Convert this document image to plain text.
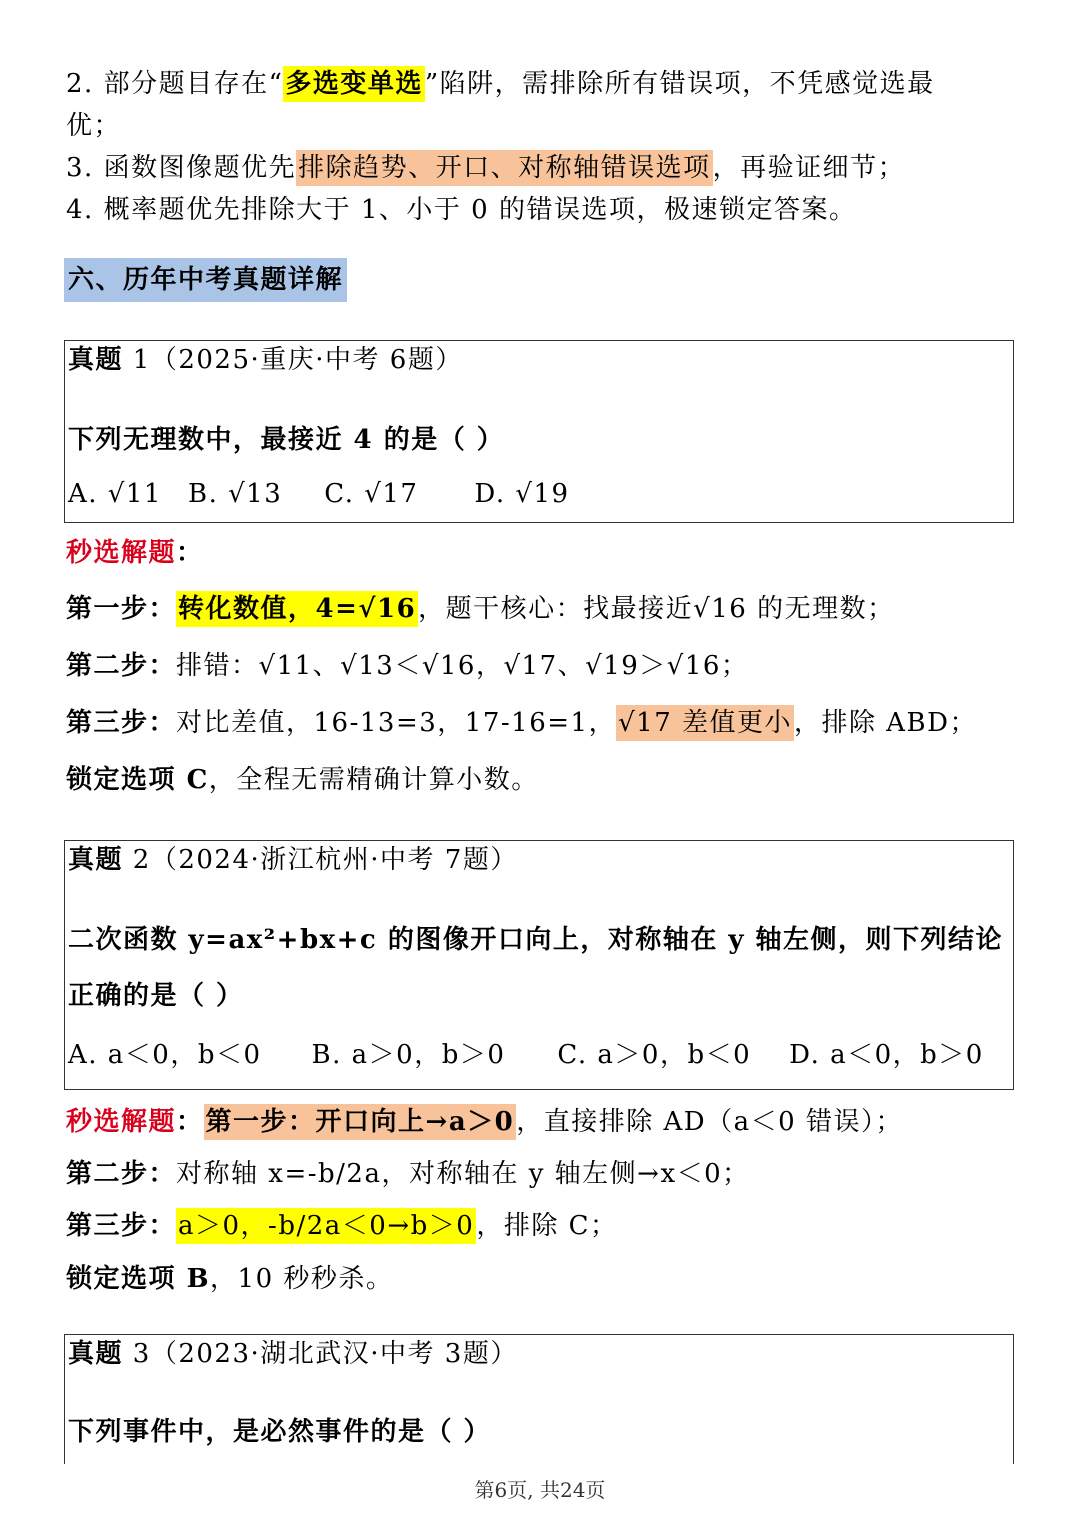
2. 部分题目存在“多选变单选”陷阱，需排除所有错误项，不凭感觉选最
优；
3. 函数图像题优先排除趋势、开口、对称轴错误选项，再验证细节；
4. 概率题优先排除大于 1、小于 0 的错误选项，极速锁定答案。
六、历年中考真题详解
真题 1（2025·重庆·中考 6题）
下列无理数中，最接近 4 的是（ ）
A. √11 B. √13 C. √17 D. √19
秒选解题：
第一步：转化数值，4=√16，题干核心：找最接近√16 的无理数；
第二步：排错：√11、√13＜√16，√17、√19＞√16；
第三步：对比差值，16-13=3，17-16=1，√17 差值更小，排除 ABD；
锁定选项 C，全程无需精确计算小数。
真题 2（2024·浙江杭州·中考 7题）
二次函数 y=ax²+bx+c 的图像开口向上，对称轴在 y 轴左侧，则下列结论
正确的是（ ）
A. a＜0，b＜0 B. a＞0，b＞0 C. a＞0，b＜0 D. a＜0，b＞0
秒选解题：第一步：开口向上→a＞0，直接排除 AD（a＜0 错误）；
第二步：对称轴 x=-b/2a，对称轴在 y 轴左侧→x＜0；
第三步：a＞0，-b/2a＜0→b＞0，排除 C；
锁定选项 B，10 秒秒杀。
真题 3（2023·湖北武汉·中考 3题）
下列事件中，是必然事件的是（ ）
第6页, 共24页
